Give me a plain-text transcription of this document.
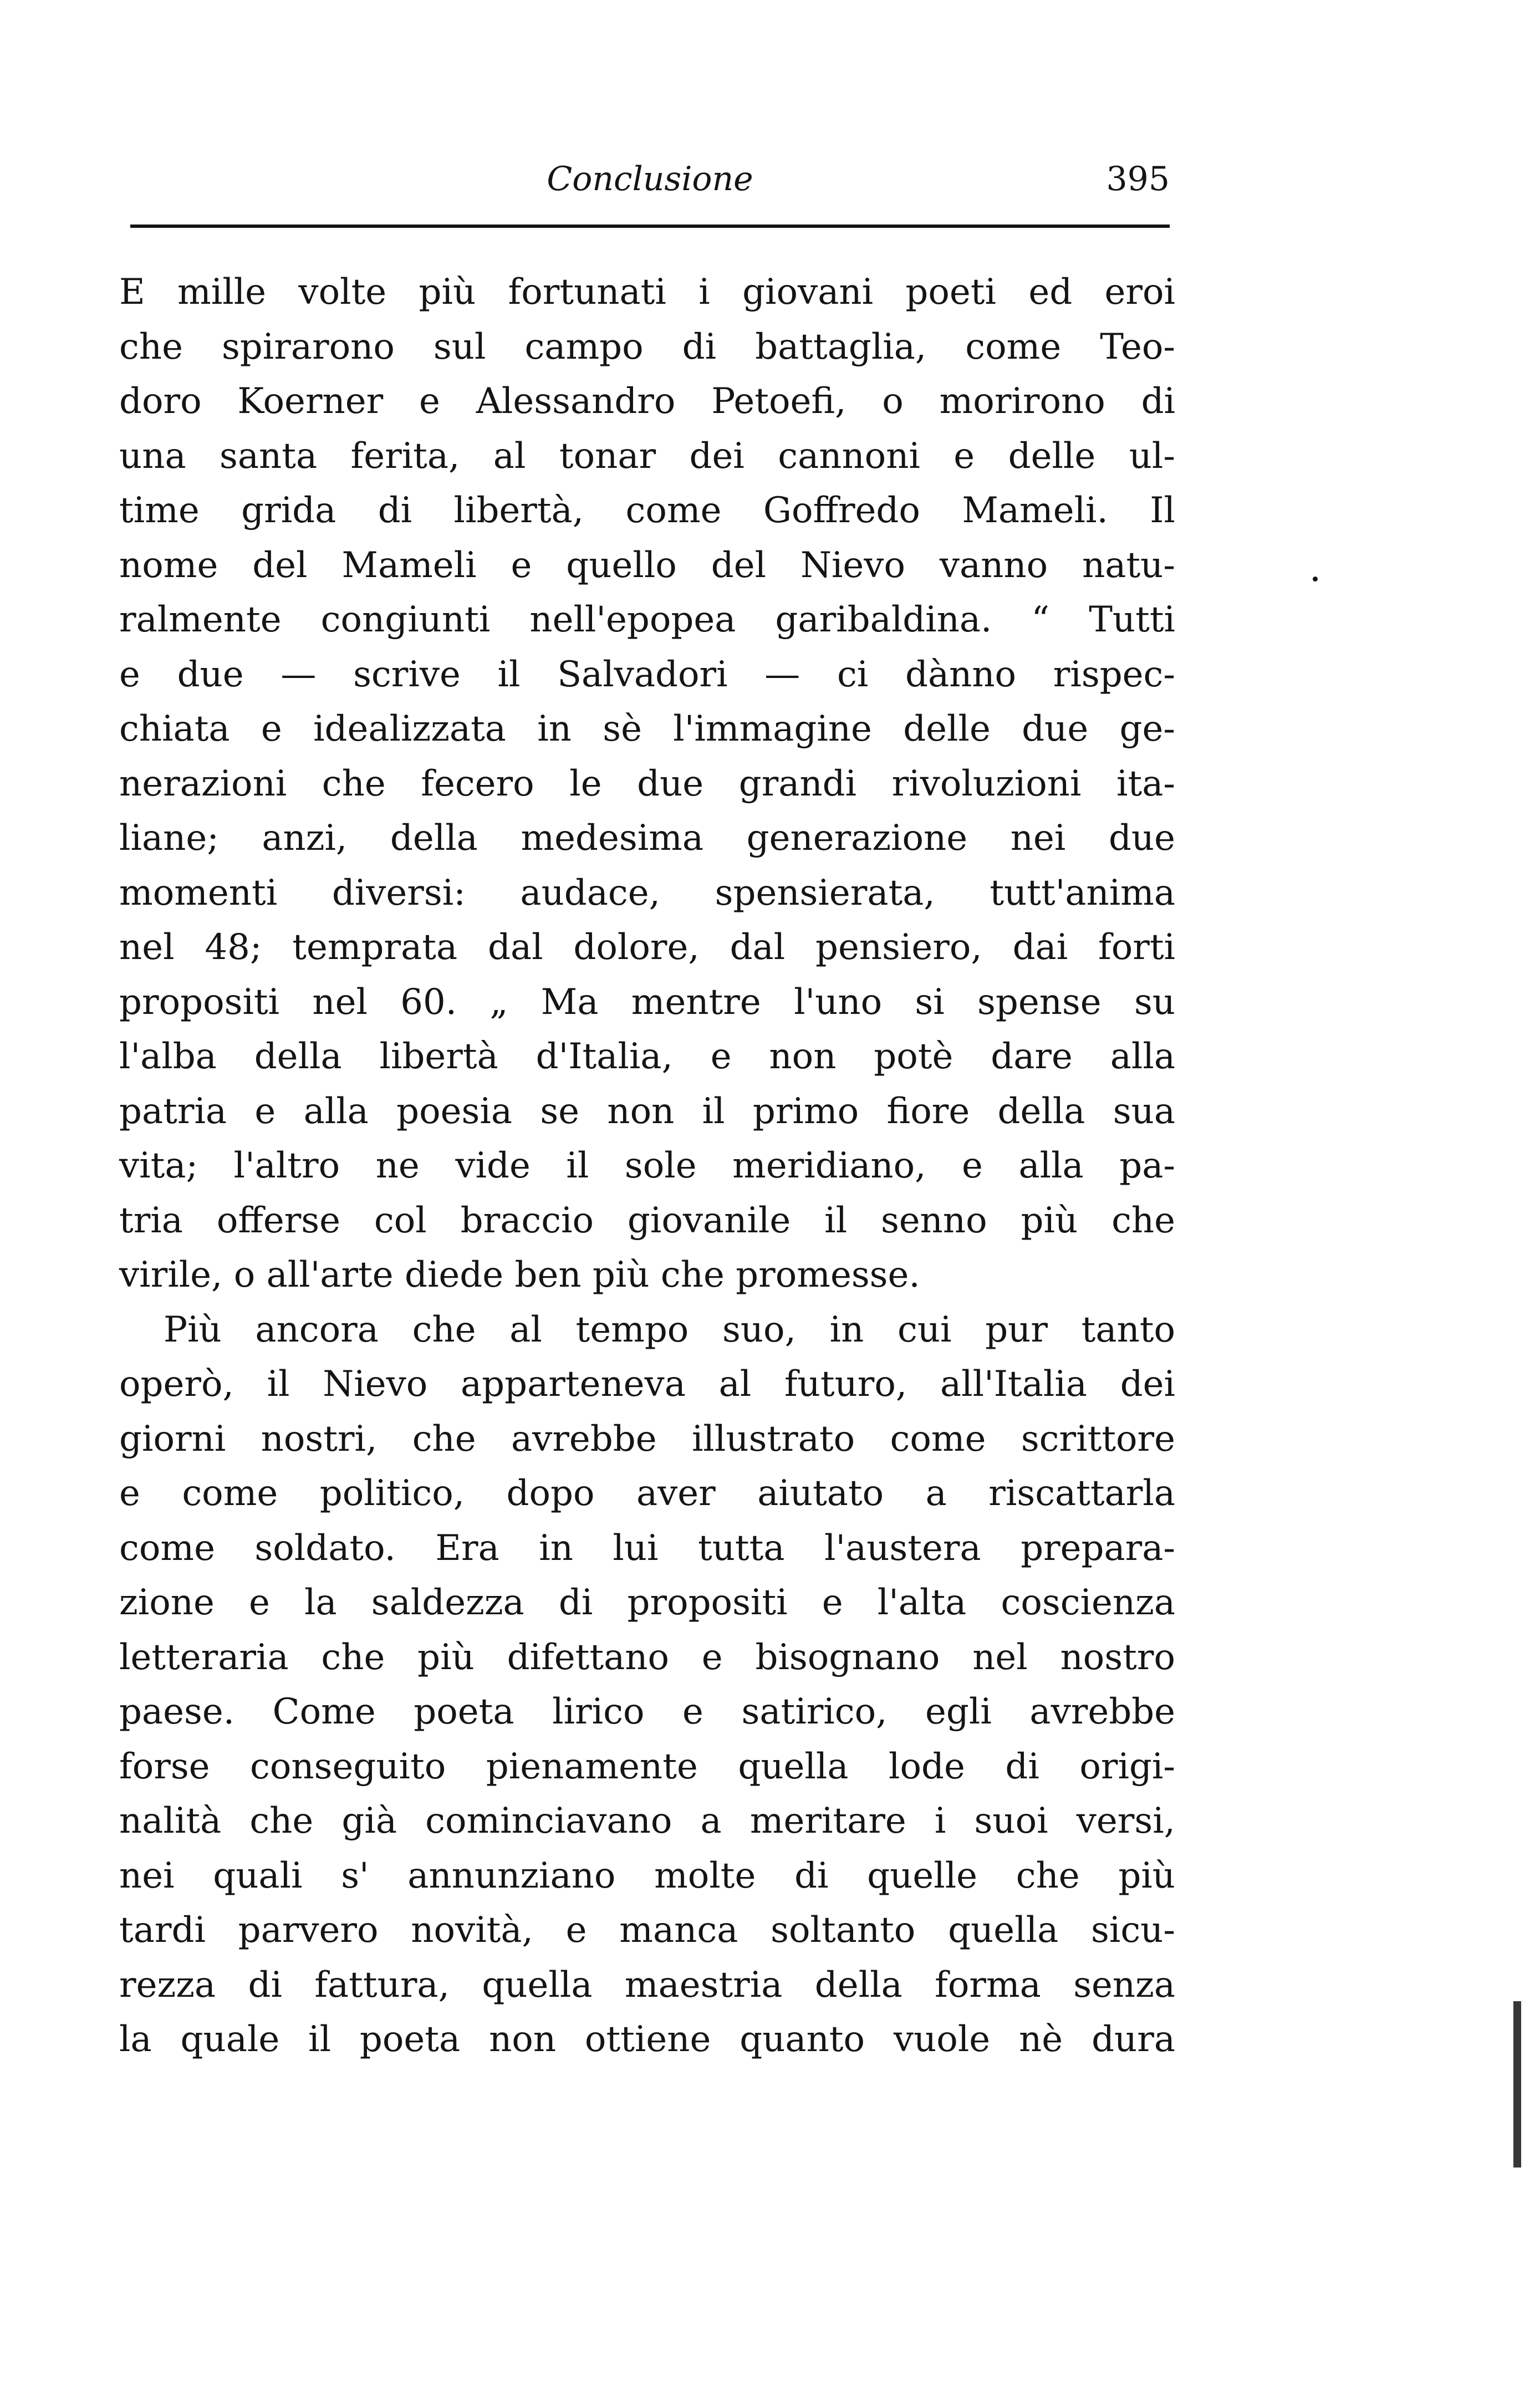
Conclusione	395
E mille volte più fortunati i giovani poeti ed eroi
che spirarono sul campo di battaglia, come Teo-
doro Koerner e Alessandro Petoefi, o morirono di
una santa ferita, al tonar dei cannoni e delle ul-
time grida di libertà, come Goffredo Mameli. Il
nome del Mameli e quello del Nievo vanno natu-
ralmente congiunti nell'epopea garibaldina. “ Tutti
e due — scrive il Salvadori — ci dànno rispec-
chiata e idealizzata in sè l'immagine delle due ge-
nerazioni che fecero le due grandi rivoluzioni ita-
liane; anzi, della medesima generazione nei due
momenti diversi: audace, spensierata, tutt'anima
nel 48; temprata dal dolore, dal pensiero, dai forti
propositi nel 60. „ Ma mentre l'uno si spense su
l'alba della libertà d'Italia, e non potè dare alla
patria e alla poesia se non il primo fiore della sua
vita; l'altro ne vide il sole meridiano, e alla pa-
tria offerse col braccio giovanile il senno più che
virile, o all'arte diede ben più che promesse.
Più ancora che al tempo suo, in cui pur tanto
operò, il Nievo apparteneva al futuro, all'Italia dei
giorni nostri, che avrebbe illustrato come scrittore
e come politico, dopo aver aiutato a riscattarla
come soldato. Era in lui tutta l'austera prepara-
zione e la saldezza di propositi e l'alta coscienza
letteraria che più difettano e bisognano nel nostro
paese. Come poeta lirico e satirico, egli avrebbe
forse conseguito pienamente quella lode di origi-
nalità che già cominciavano a meritare i suoi versi,
nei quali s' annunziano molte di quelle che più
tardi parvero novità, e manca soltanto quella sicu-
rezza di fattura, quella maestria della forma senza
la quale il poeta non ottiene quanto vuole nè dura
